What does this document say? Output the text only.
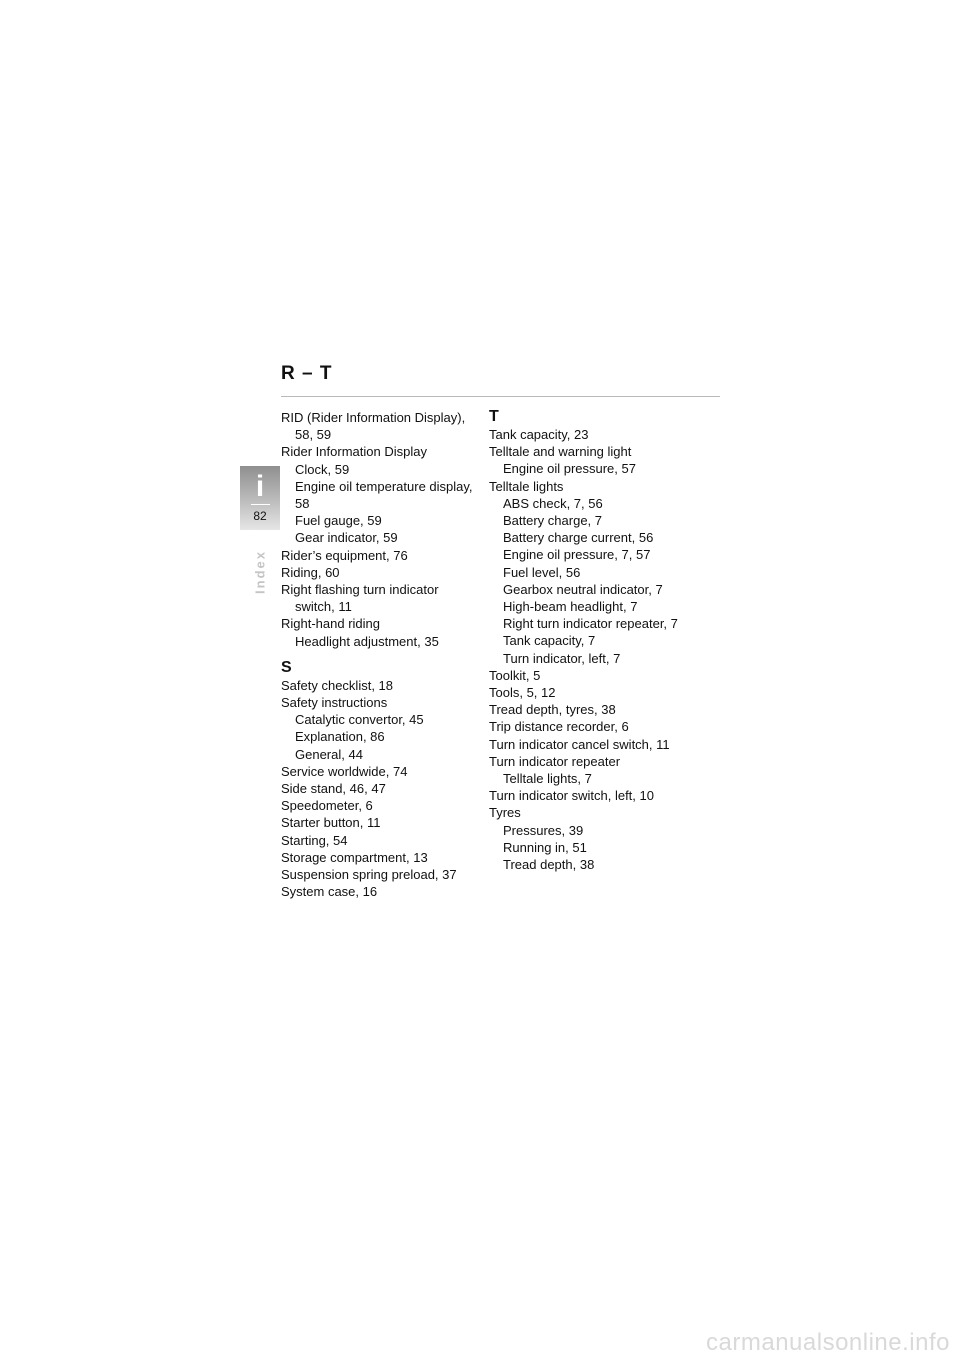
R – T
i
82
Index
RID (Rider Information Display),
58, 59
Rider Information Display
Clock, 59
Engine oil temperature display,
58
Fuel gauge, 59
Gear indicator, 59
Rider’s equipment, 76
Riding, 60
Right flashing turn indicator
switch, 11
Right-hand riding
Headlight adjustment, 35
S
Safety checklist, 18
Safety instructions
Catalytic convertor, 45
Explanation, 86
General, 44
Service worldwide, 74
Side stand, 46, 47
Speedometer, 6
Starter button, 11
Starting, 54
Storage compartment, 13
Suspension spring preload, 37
System case, 16
T
Tank capacity, 23
Telltale and warning light
Engine oil pressure, 57
Telltale lights
ABS check, 7, 56
Battery charge, 7
Battery charge current, 56
Engine oil pressure, 7, 57
Fuel level, 56
Gearbox neutral indicator, 7
High-beam headlight, 7
Right turn indicator repeater, 7
Tank capacity, 7
Turn indicator, left, 7
Toolkit, 5
Tools, 5, 12
Tread depth, tyres, 38
Trip distance recorder, 6
Turn indicator cancel switch, 11
Turn indicator repeater
Telltale lights, 7
Turn indicator switch, left, 10
Tyres
Pressures, 39
Running in, 51
Tread depth, 38
carmanualsonline.info
